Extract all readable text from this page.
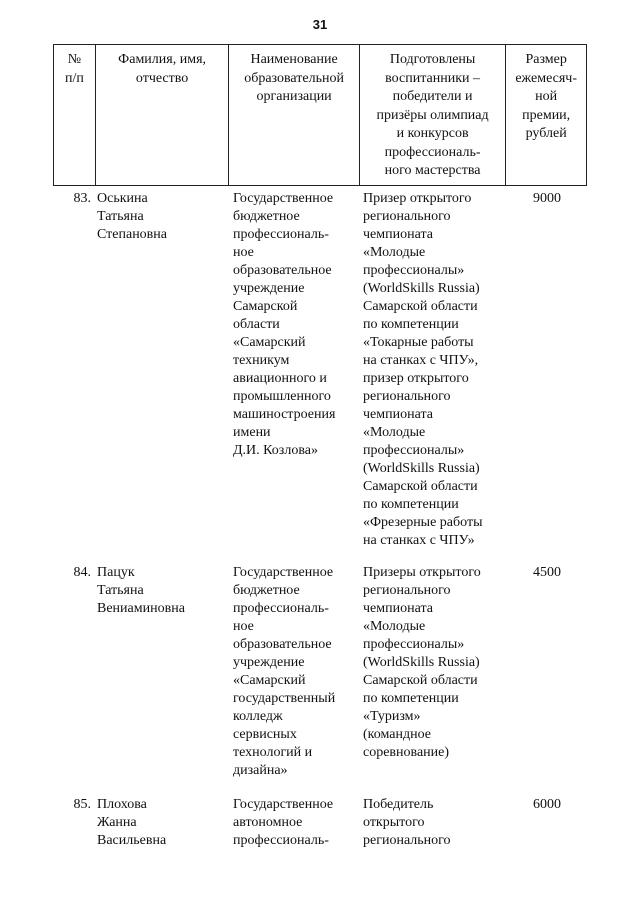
31
№
п/п
Фамилия, имя,
отчество
Наименование
образовательной
организации
Подготовлены
воспитанники –
победители и
призёры олимпиад
и конкурсов
профессиональ-
ного мастерства
Размер
ежемесяч-
ной
премии,
рублей
83. Оськина
Татьяна
Степановна
Государственное
бюджетное
профессиональ-
ное
образовательное
учреждение
Самарской
области
«Самарский
техникум
авиационного и
промышленного
машиностроения
имени
Д.И. Козлова»
Призер открытого
регионального
чемпионата
«Молодые
профессионалы»
(WorldSkills Russia)
Самарской области
по компетенции
«Токарные работы
на станках с ЧПУ»,
призер открытого
регионального
чемпионата
«Молодые
профессионалы»
(WorldSkills Russia)
Самарской области
по компетенции
«Фрезерные работы
на станках с ЧПУ»
9000
84. Пацук
Татьяна
Вениаминовна
Государственное
бюджетное
профессиональ-
ное
образовательное
учреждение
«Самарский
государственный
колледж
сервисных
технологий и
дизайна»
Призеры открытого
регионального
чемпионата
«Молодые
профессионалы»
(WorldSkills Russia)
Самарской области
по компетенции
«Туризм»
(командное
соревнование)
4500
85. Плохова
Жанна
Васильевна
Государственное
автономное
профессиональ-
Победитель
открытого
регионального
6000
